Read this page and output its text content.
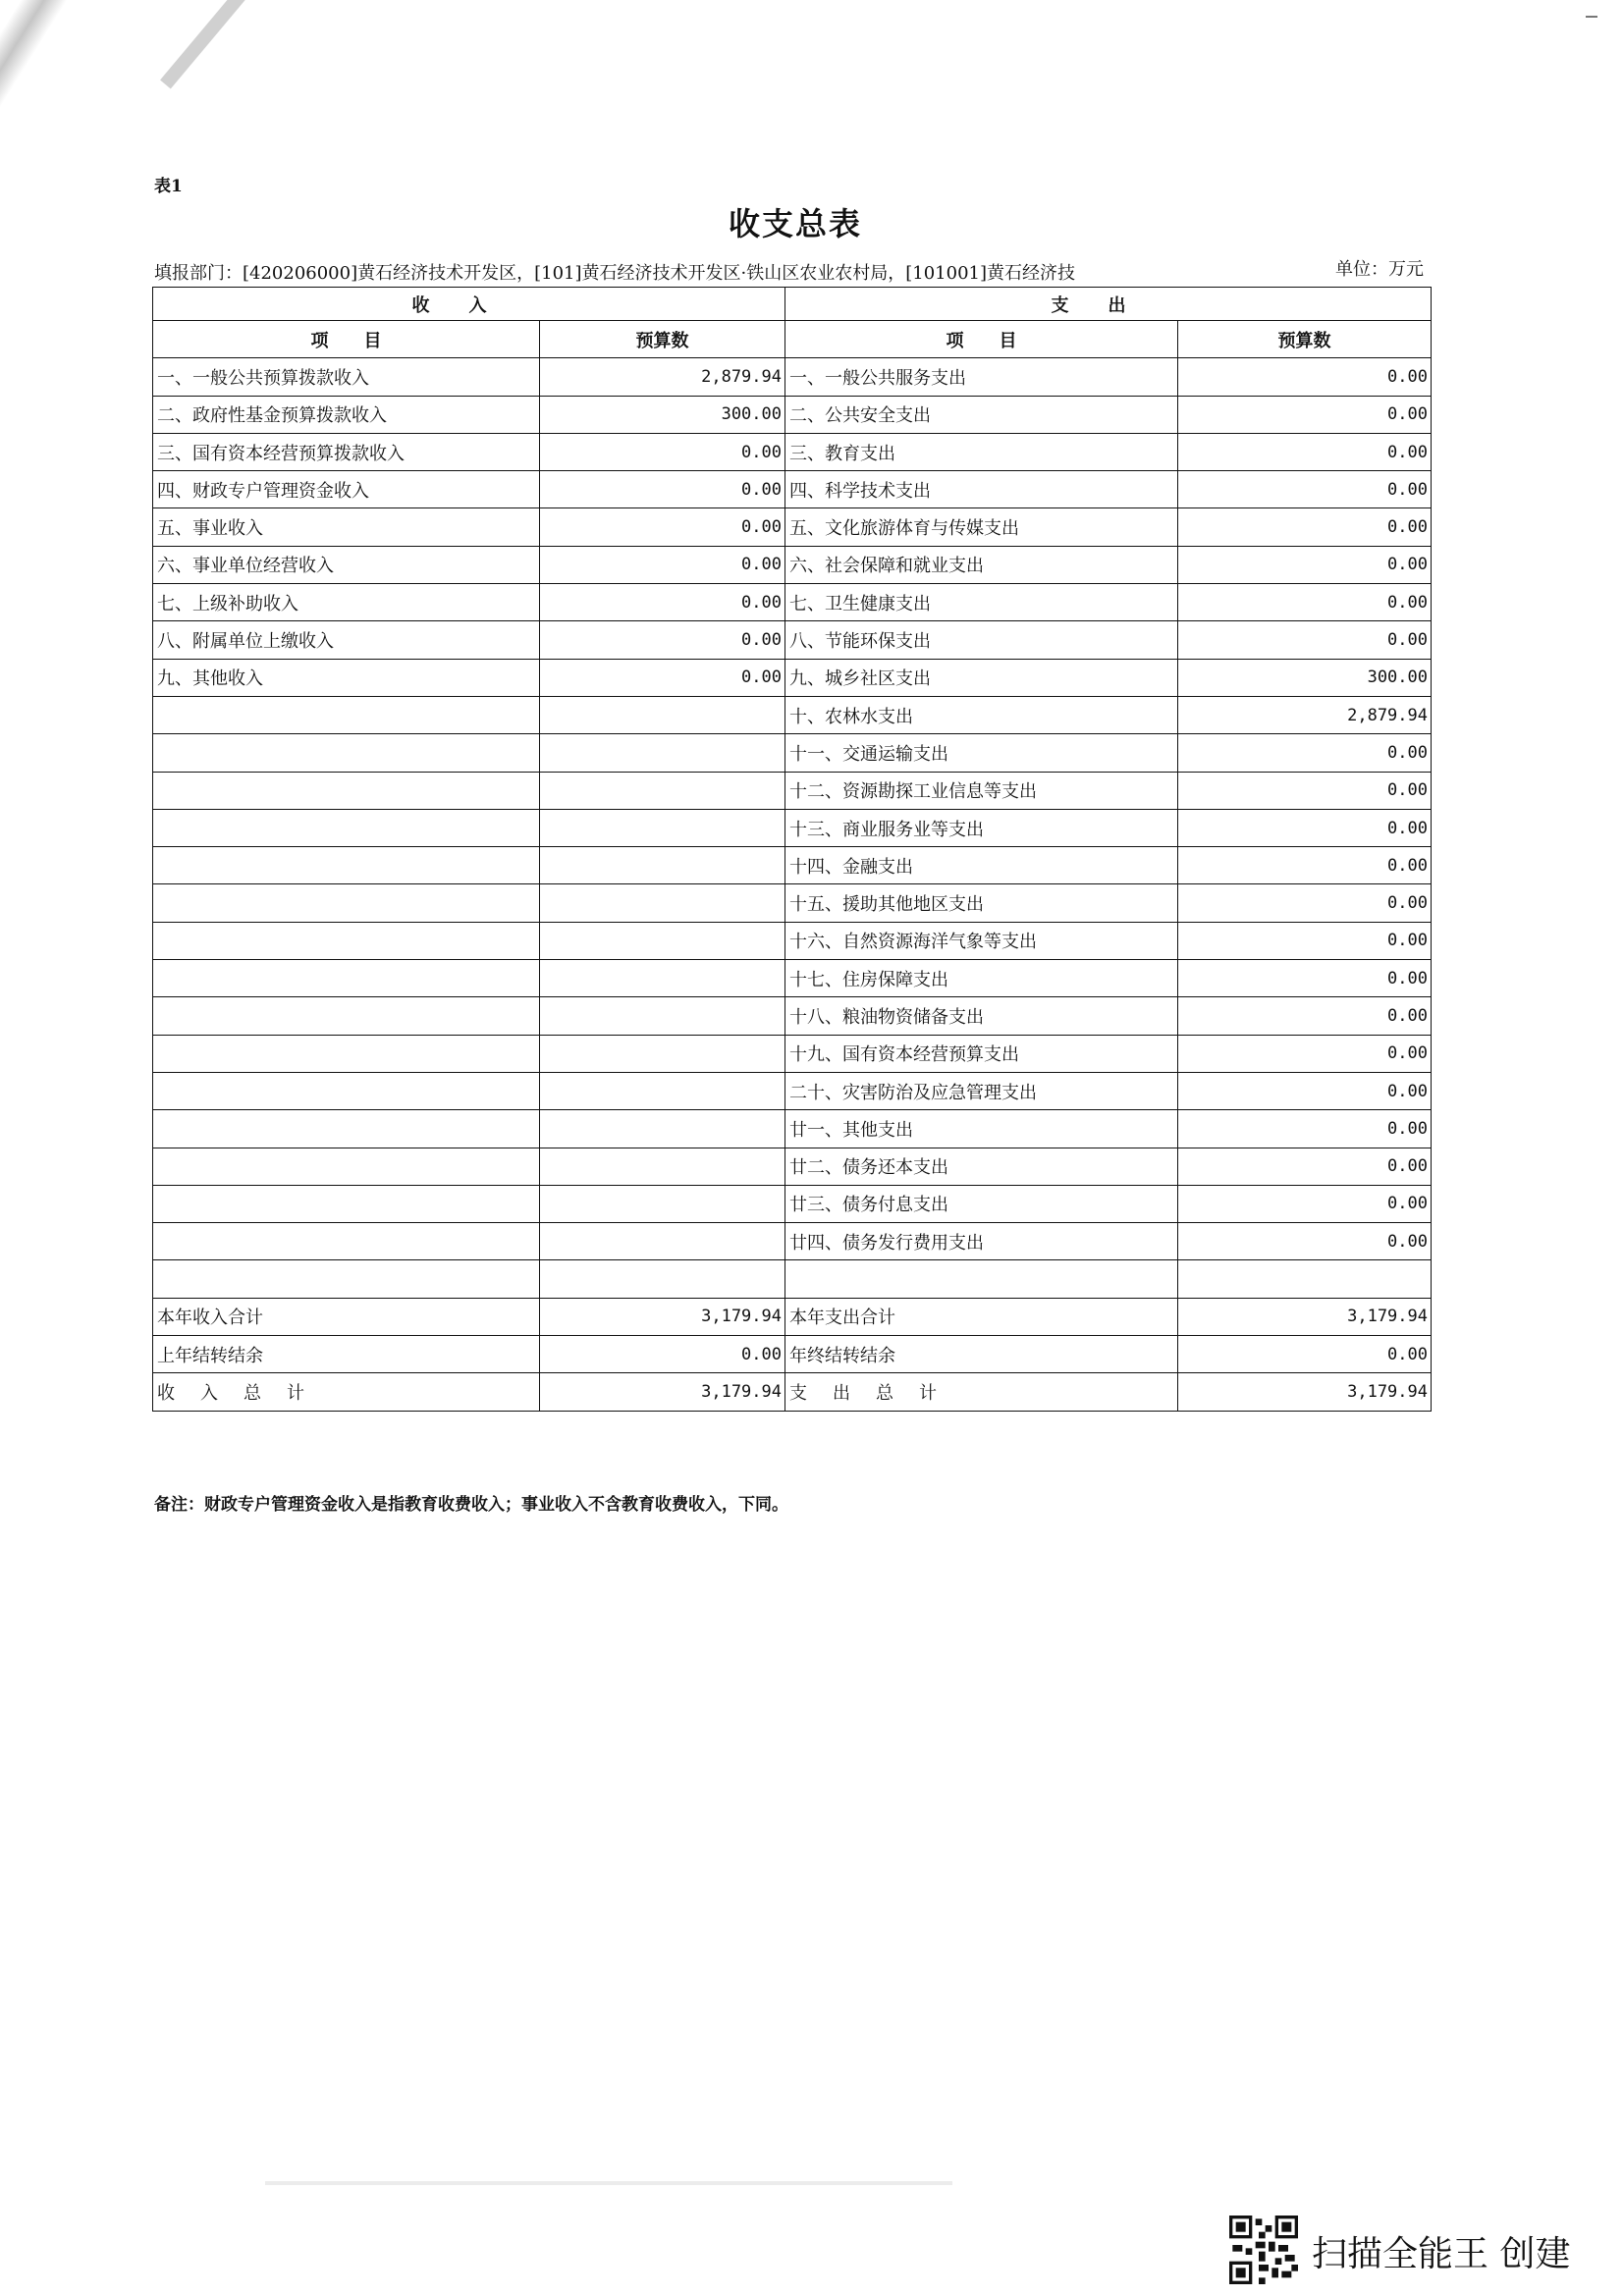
表1
收支总表
填报部门：[420206000]黄石经济技术开发区，[101]黄石经济技术开发区·铁山区农业农村局，[101001]黄石经济技	单位：万元
收入		支出	
项　　目	预算数	项　　目	预算数
一、一般公共预算拨款收入	2,879.94	一、一般公共服务支出	0.00
二、政府性基金预算拨款收入	300.00	二、公共安全支出	0.00
三、国有资本经营预算拨款收入	0.00	三、教育支出	0.00
四、财政专户管理资金收入	0.00	四、科学技术支出	0.00
五、事业收入	0.00	五、文化旅游体育与传媒支出	0.00
六、事业单位经营收入	0.00	六、社会保障和就业支出	0.00
七、上级补助收入	0.00	七、卫生健康支出	0.00
八、附属单位上缴收入	0.00	八、节能环保支出	0.00
九、其他收入	0.00	九、城乡社区支出	300.00
		十、农林水支出	2,879.94
		十一、交通运输支出	0.00
		十二、资源勘探工业信息等支出	0.00
		十三、商业服务业等支出	0.00
		十四、金融支出	0.00
		十五、援助其他地区支出	0.00
		十六、自然资源海洋气象等支出	0.00
		十七、住房保障支出	0.00
		十八、粮油物资储备支出	0.00
		十九、国有资本经营预算支出	0.00
		二十、灾害防治及应急管理支出	0.00
		廿一、其他支出	0.00
		廿二、债务还本支出	0.00
		廿三、债务付息支出	0.00
		廿四、债务发行费用支出	0.00

本年收入合计	3,179.94	本年支出合计	3,179.94
上年结转结余	0.00	年终结转结余	0.00
收入总计	3,179.94	支出总计	3,179.94
备注：财政专户管理资金收入是指教育收费收入；事业收入不含教育收费收入，下同。
扫描全能王 创建
